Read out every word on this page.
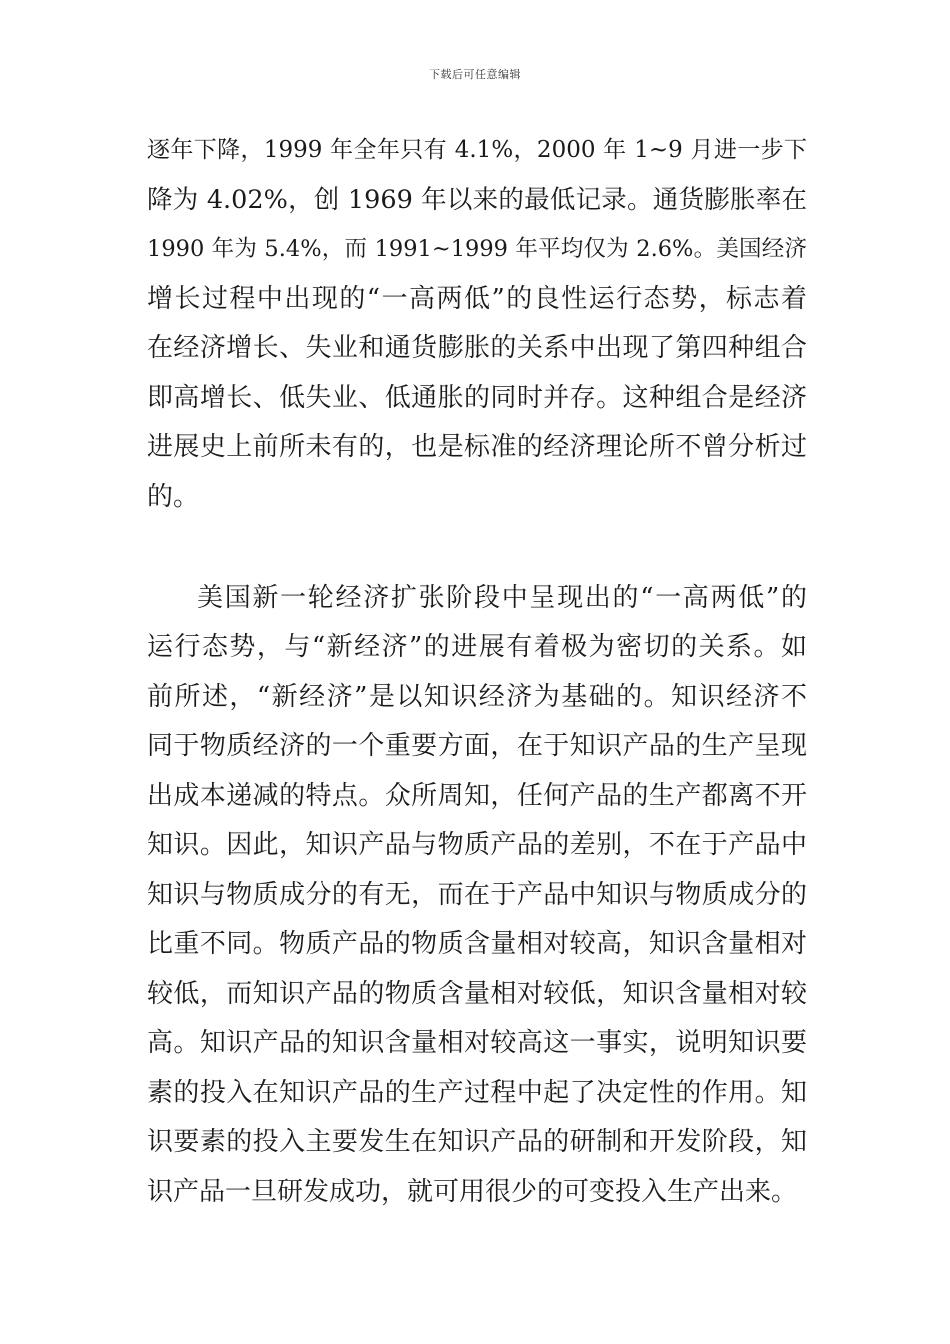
下载后可任意编辑
逐年下降，1999 年全年只有 4.1%，2000 年 1~9 月进一步下
降为 4.02%，创 1969 年以来的最低记录。通货膨胀率在
1990 年为 5.4%，而 1991~1999 年平均仅为 2.6%。美国经济
增长过程中出现的“一高两低”的良性运行态势，标志着
在经济增长、失业和通货膨胀的关系中出现了第四种组合
即高增长、低失业、低通胀的同时并存。这种组合是经济
进展史上前所未有的，也是标准的经济理论所不曾分析过
的。
美国新一轮经济扩张阶段中呈现出的“一高两低”的
运行态势，与“新经济”的进展有着极为密切的关系。如
前所述，“新经济”是以知识经济为基础的。知识经济不
同于物质经济的一个重要方面，在于知识产品的生产呈现
出成本递减的特点。众所周知，任何产品的生产都离不开
知识。因此，知识产品与物质产品的差别，不在于产品中
知识与物质成分的有无，而在于产品中知识与物质成分的
比重不同。物质产品的物质含量相对较高，知识含量相对
较低，而知识产品的物质含量相对较低，知识含量相对较
高。知识产品的知识含量相对较高这一事实，说明知识要
素的投入在知识产品的生产过程中起了决定性的作用。知
识要素的投入主要发生在知识产品的研制和开发阶段，知
识产品一旦研发成功，就可用很少的可变投入生产出来。
